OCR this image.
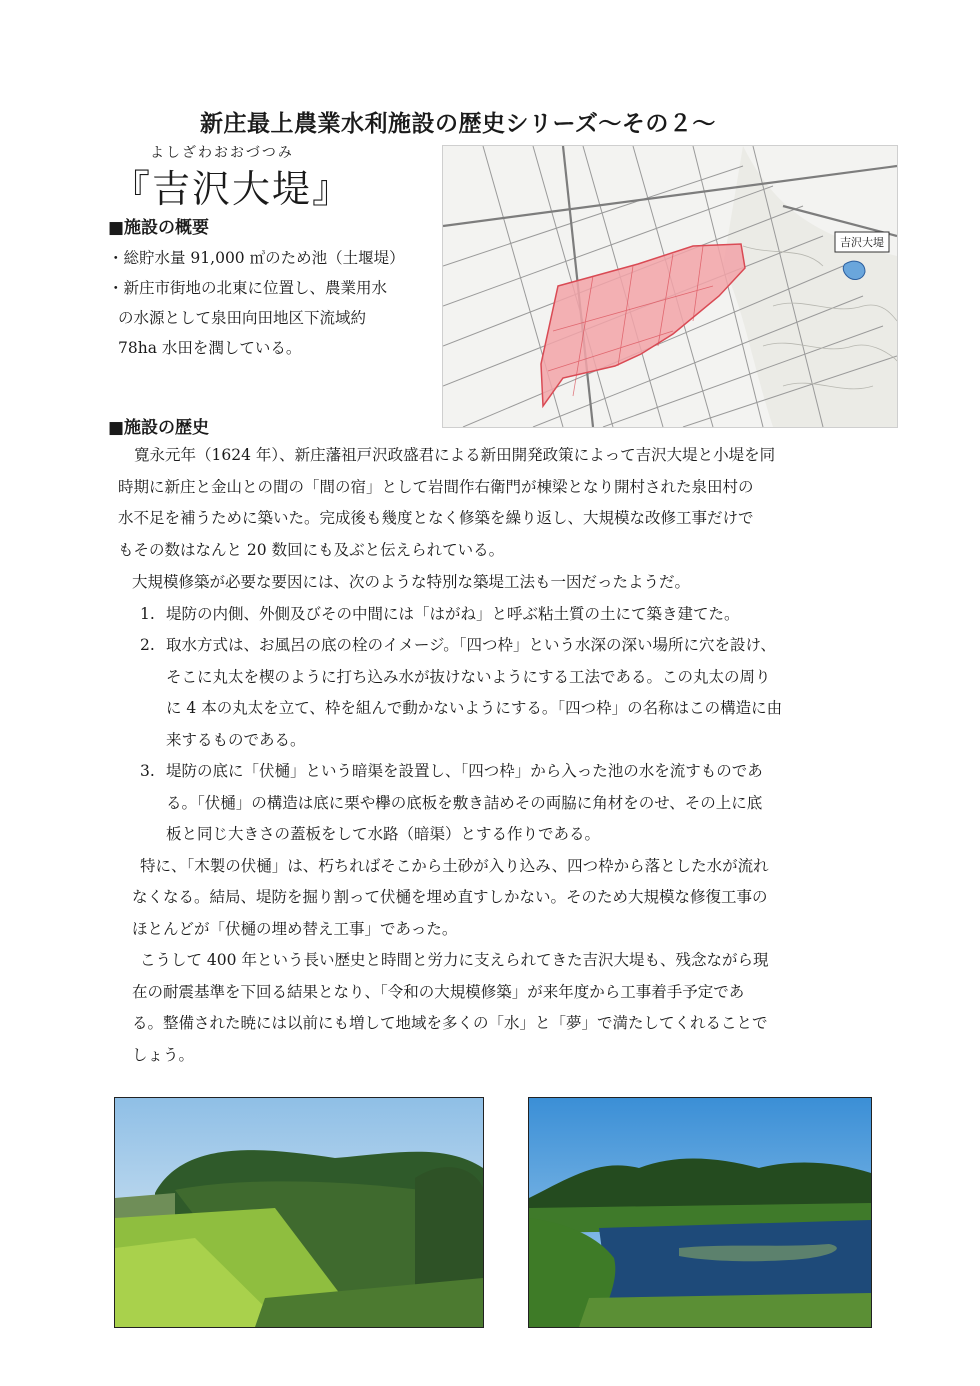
新庄最上農業水利施設の歴史シリーズ〜その２〜
よしざわおおづつみ
『吉沢大堤』
■施設の概要
・総貯水量 91,000 ㎥のため池（土堰堤）
・新庄市街地の北東に位置し、農業用水
の水源として泉田向田地区下流域約
78ha 水田を潤している。
吉沢大堤
■施設の歴史

寛永元年（1624 年）、新庄藩祖戸沢政盛君による新田開発政策によって吉沢大堤と小堤を同
時期に新庄と金山との間の「間の宿」として岩間作右衛門が棟梁となり開村された泉田村の
水不足を補うために築いた。完成後も幾度となく修築を繰り返し、大規模な改修工事だけで
もその数はなんと 20 数回にも及ぶと伝えられている。

大規模修築が必要な要因には、次のような特別な築堤工法も一因だったようだ。

1. 堤防の内側、外側及びその中間には「はがね」と呼ぶ粘土質の土にて築き建てた。

2. 取水方式は、お風呂の底の栓のイメージ。「四つ枠」という水深の深い場所に穴を設け、
そこに丸太を楔のように打ち込み水が抜けないようにする工法である。この丸太の周り
に 4 本の丸太を立て、枠を組んで動かないようにする。「四つ枠」の名称はこの構造に由
来するものである。

3. 堤防の底に「伏樋」という暗渠を設置し、「四つ枠」から入った池の水を流すものであ
る。「伏樋」の構造は底に栗や欅の底板を敷き詰めその両脇に角材をのせ、その上に底
板と同じ大きさの蓋板をして水路（暗渠）とする作りである。

特に、「木製の伏樋」は、朽ちればそこから土砂が入り込み、四つ枠から落とした水が流れ
なくなる。結局、堤防を掘り割って伏樋を埋め直すしかない。そのため大規模な修復工事の
ほとんどが「伏樋の埋め替え工事」であった。

こうして 400 年という長い歴史と時間と労力に支えられてきた吉沢大堤も、残念ながら現
在の耐震基準を下回る結果となり、「令和の大規模修築」が来年度から工事着手予定であ
る。整備された暁には以前にも増して地域を多くの「水」と「夢」で満たしてくれることで
しょう。
